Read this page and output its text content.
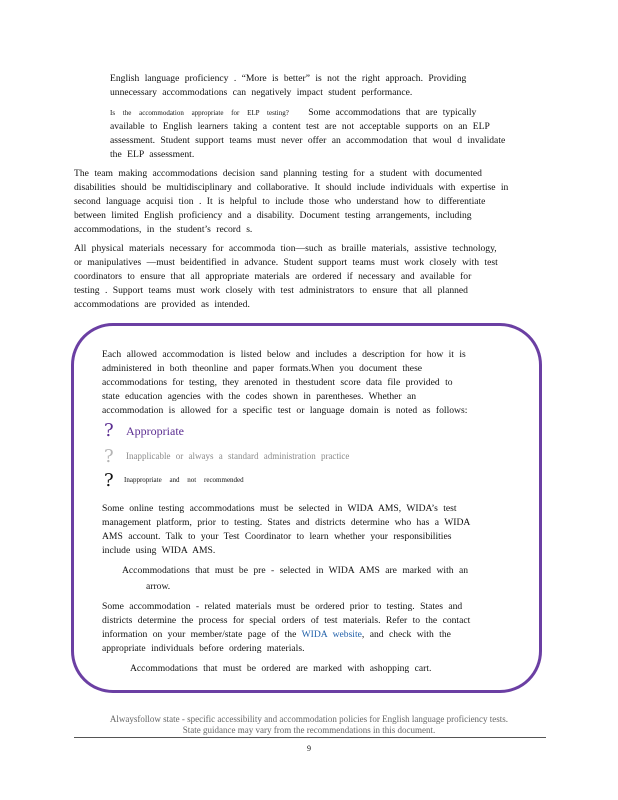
English language proficiency . “More is better” is not the right approach. Providing
unnecessary accommodations can negatively impact student performance.
Is the accommodation appropriate for ELP testing? Some accommodations that are typically
available to English learners taking a content test are not acceptable supports on an ELP
assessment. Student support teams must never offer an accommodation that woul d invalidate
the ELP assessment.
The team making accommodations decision sand planning testing for a student with documented
disabilities should be multidisciplinary and collaborative. It should include individuals with expertise in
second language acquisi tion . It is helpful to include those who understand how to differentiate
between limited English proficiency and a disability. Document testing arrangements, including
accommodations, in the student’s record s.
All physical materials necessary for accommoda tion—such as braille materials, assistive technology,
or manipulatives —must beidentified in advance. Student support teams must work closely with test
coordinators to ensure that all appropriate materials are ordered if necessary and available for
testing . Support teams must work closely with test administrators to ensure that all planned
accommodations are provided as intended.
Each allowed accommodation is listed below and includes a description for how it is
administered in both theonline and paper formats.When you document these
accommodations for testing, they arenoted in thestudent score data file provided to
state education agencies with the codes shown in parentheses. Whether an
accommodation is allowed for a specific test or language domain is noted as follows:
? Appropriate
? Inapplicable or always a standard administration practice
? Inappropriate and not recommended
Some online testing accommodations must be selected in WIDA AMS, WIDA’s test
management platform, prior to testing. States and districts determine who has a WIDA
AMS account. Talk to your Test Coordinator to learn whether your responsibilities
include using WIDA AMS.
Accommodations that must be pre - selected in WIDA AMS are marked with an
arrow.
Some accommodation - related materials must be ordered prior to testing. States and
districts determine the process for special orders of test materials. Refer to the contact
information on your member/state page of the WIDA website, and check with the
appropriate individuals before ordering materials.
Accommodations that must be ordered are marked with ashopping cart.
Alwaysfollow state - specific accessibility and accommodation policies for English language proficiency tests.
State guidance may vary from the recommendations in this document.
9
